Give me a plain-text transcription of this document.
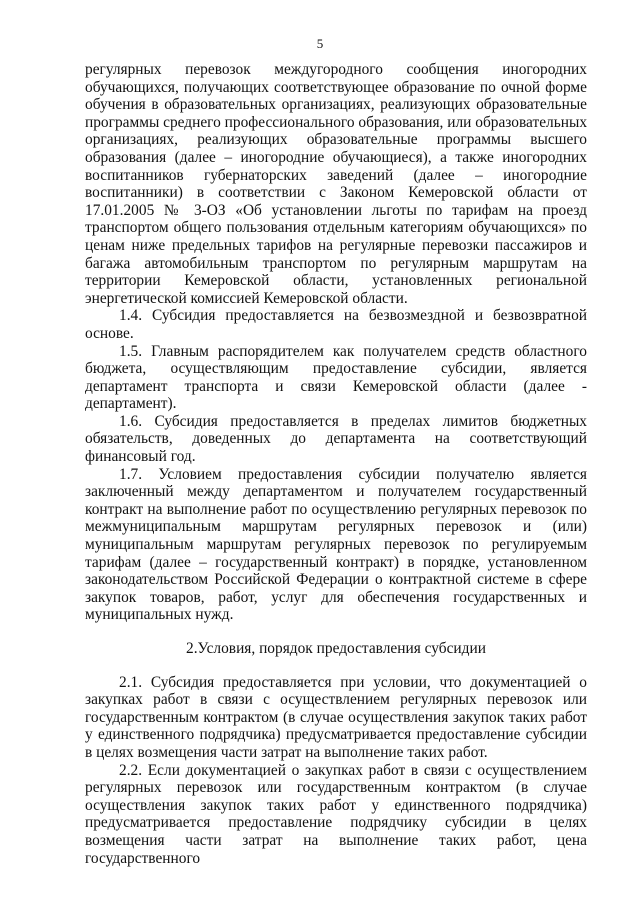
5

регулярных перевозок междугородного сообщения иногородних обучающихся, получающих соответствующее образование по очной форме обучения в образовательных организациях, реализующих образовательные программы среднего профессионального образования, или образовательных организациях, реализующих образовательные программы высшего образования (далее – иногородние обучающиеся), а также иногородних воспитанников губернаторских заведений (далее – иногородние воспитанники) в соответствии с Законом Кемеровской области от 17.01.2005 № 3-ОЗ «Об установлении льготы по тарифам на проезд транспортом общего пользования отдельным категориям обучающихся» по ценам ниже предельных тарифов на регулярные перевозки пассажиров и багажа автомобильным транспортом по регулярным маршрутам на территории Кемеровской области, установленных региональной энергетической комиссией Кемеровской области.

1.4. Субсидия предоставляется на безвозмездной и безвозвратной основе.

1.5. Главным распорядителем как получателем средств областного бюджета, осуществляющим предоставление субсидии, является департамент транспорта и связи Кемеровской области (далее - департамент).

1.6. Субсидия предоставляется в пределах лимитов бюджетных обязательств, доведенных до департамента на соответствующий финансовый год.

1.7. Условием предоставления субсидии получателю является заключенный между департаментом и получателем государственный контракт на выполнение работ по осуществлению регулярных перевозок по межмуниципальным маршрутам регулярных перевозок и (или) муниципальным маршрутам регулярных перевозок по регулируемым тарифам (далее – государственный контракт) в порядке, установленном законодательством Российской Федерации о контрактной системе в сфере закупок товаров, работ, услуг для обеспечения государственных и муниципальных нужд.

2.Условия, порядок предоставления субсидии

2.1. Субсидия предоставляется при условии, что документацией о закупках работ в связи с осуществлением регулярных перевозок или государственным контрактом (в случае осуществления закупок таких работ у единственного подрядчика) предусматривается предоставление субсидии в целях возмещения части затрат на выполнение таких работ.

2.2. Если документацией о закупках работ в связи с осуществлением регулярных перевозок или государственным контрактом (в случае осуществления закупок таких работ у единственного подрядчика) предусматривается предоставление подрядчику субсидии в целях возмещения части затрат на выполнение таких работ, цена государственного
